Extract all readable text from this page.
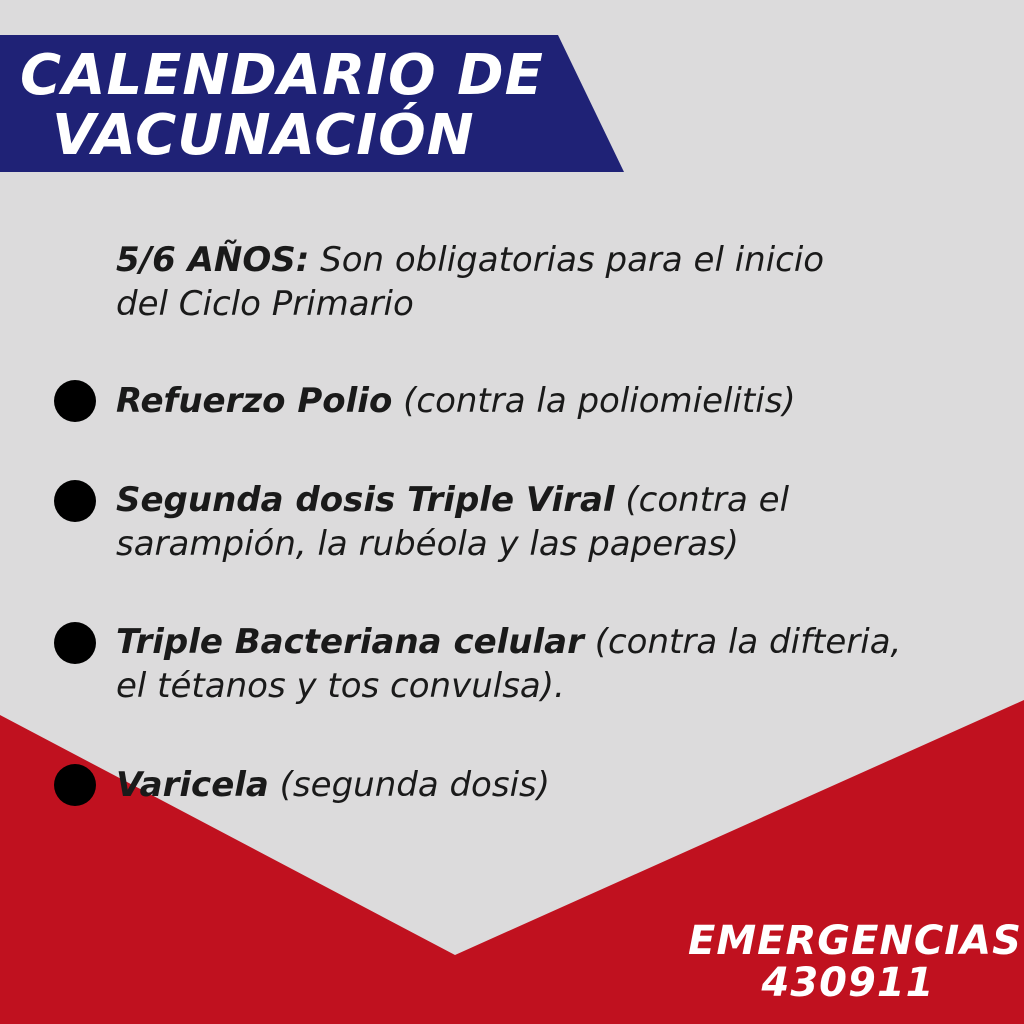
CALENDARIO DE
VACUNACIÓN
5/6 AÑOS: Son obligatorias para el inicio
del Ciclo Primario
Refuerzo Polio (contra la poliomielitis)
Segunda dosis Triple Viral (contra el
sarampión, la rubéola y las paperas)
Triple Bacteriana celular (contra la difteria,
el tétanos y tos convulsa).
Varicela (segunda dosis)
EMERGENCIAS
430911
